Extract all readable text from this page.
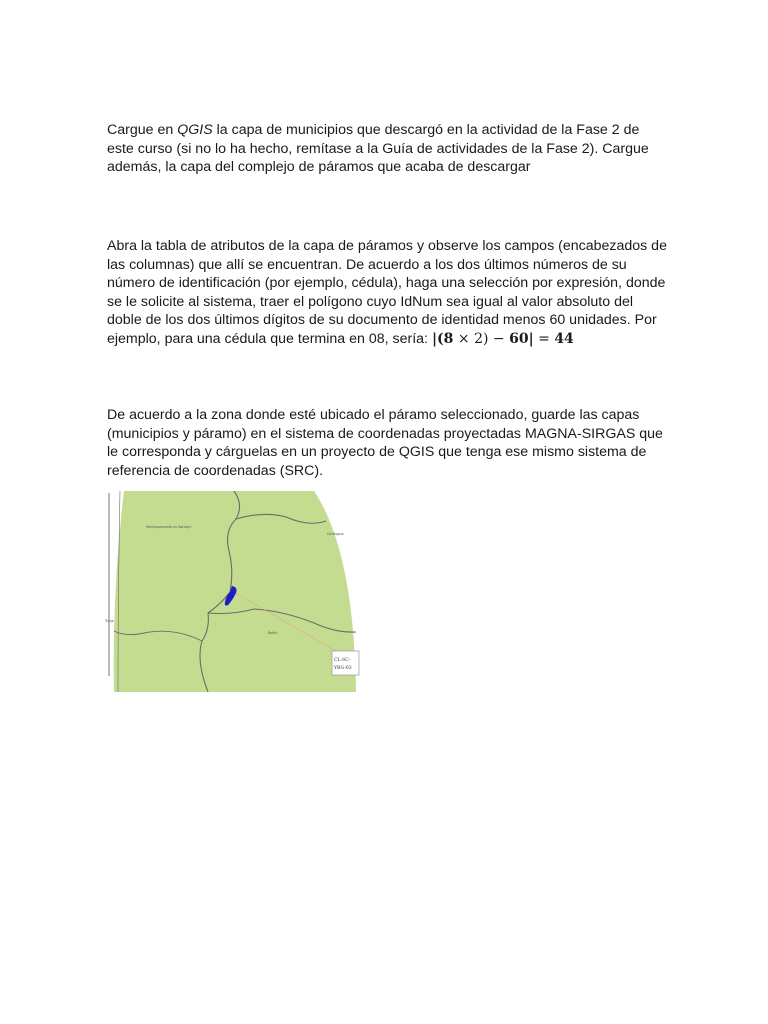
Cargue en QGIS la capa de municipios que descargó en la actividad de la Fase 2 de este curso (si no lo ha hecho, remítase a la Guía de actividades de la Fase 2). Cargue además, la capa del complejo de páramos que acaba de descargar

Abra la tabla de atributos de la capa de páramos y observe los campos (encabezados de las columnas) que allí se encuentran. De acuerdo a los dos últimos números de su número de identificación (por ejemplo, cédula), haga una selección por expresión, donde se le solicite al sistema, traer el polígono cuyo IdNum sea igual al valor absoluto del doble de los dos últimos dígitos de su documento de identidad menos 60 unidades. Por ejemplo, para una cédula que termina en 08, sería: |(8 × 2) − 60| = 44

De acuerdo a la zona donde esté ubicado el páramo seleccionado, guarde las capas (municipios y páramo) en el sistema de coordenadas proyectadas MAGNA-SIRGAS que le corresponda y cárguelas en un proyecto de QGIS que tenga ese mismo sistema de referencia de coordenadas (SRC).

Ventaquemada en Santoyr
Cartiagua
Belén
Tunja
CL-SC-
YBG-03
